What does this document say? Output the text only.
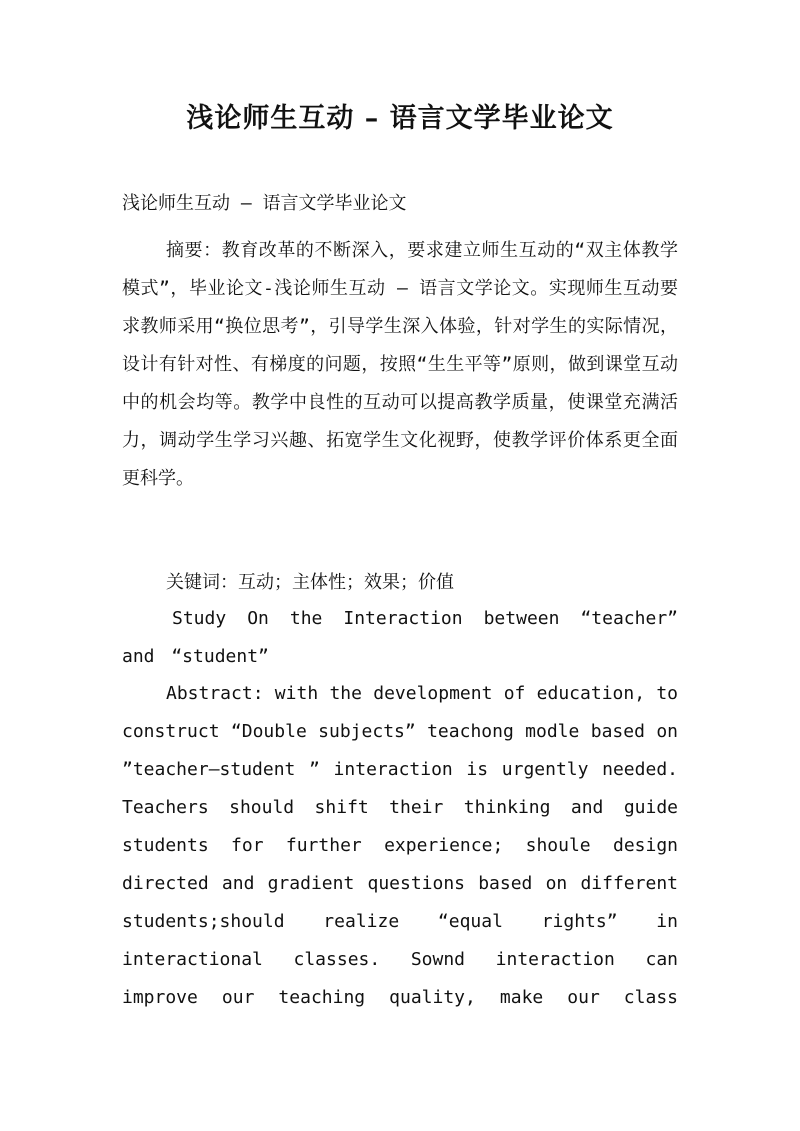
浅论师生互动 – 语言文学毕业论文
浅论师生互动 – 语言文学毕业论文
摘要：教育改革的不断深入，要求建立师生互动的“双主体教学模式”，毕业论文-浅论师生互动 – 语言文学论文。实现师生互动要求教师采用“换位思考”，引导学生深入体验，针对学生的实际情况，设计有针对性、有梯度的问题，按照“生生平等”原则，做到课堂互动中的机会均等。教学中良性的互动可以提高教学质量，使课堂充满活力，调动学生学习兴趣、拓宽学生文化视野，使教学评价体系更全面更科学。
关键词：互动；主体性；效果；价值
Study On the Interaction between “teacher” and “student”
Abstract: with the development of education, to construct “Double subjects” teachong modle based on ”teacher—student ” interaction is urgently needed. Teachers should shift their thinking and guide students for further experience; shoule design directed and gradient questions based on different students;should realize “equal rights” in interactional classes. Sownd interaction can improve our teaching quality, make our class
